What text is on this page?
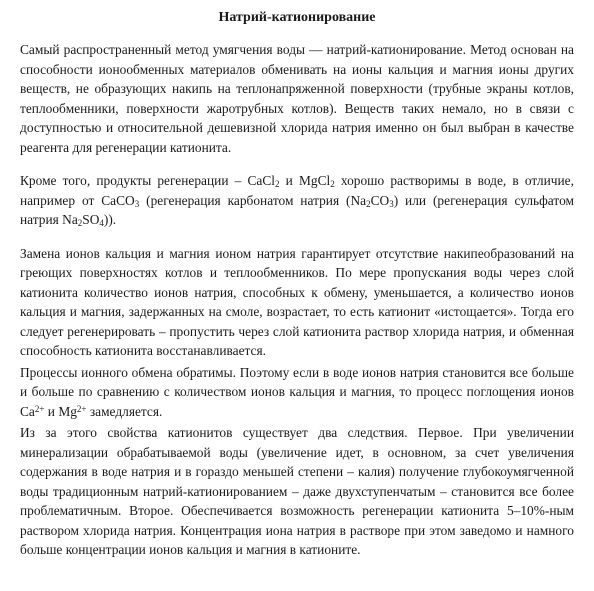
Натрий-катионирование

Самый распространенный метод умягчения воды — натрий-катионирование. Метод основан на способности ионообменных материалов обменивать на ионы кальция и магния ионы других веществ, не образующих накипь на теплонапряженной поверхности (трубные экраны котлов, теплообменники, поверхности жаротрубных котлов). Веществ таких немало, но в связи с доступностью и относительной дешевизной хлорида натрия именно он был выбран в качестве реагента для регенерации катионита.

Кроме того, продукты регенерации – CaCl$_2$ и MgCl$_2$ хорошо растворимы в воде, в отличие, например от CaCO$_3$ (регенерация карбонатом натрия $(Na_2CO_3)$ или (регенерация сульфатом натрия $Na_2SO_4$)).

Замена ионов кальция и магния ионом натрия гарантирует отсутствие накипеобразований на греющих поверхностях котлов и теплообменников. По мере пропускания воды через слой катионита количество ионов натрия, способных к обмену, уменьшается, а количество ионов кальция и магния, задержанных на смоле, возрастает, то есть катионит «истощается». Тогда его следует регенерировать – пропустить через слой катионита раствор хлорида натрия, и обменная способность катионита восстанавливается.

Процессы ионного обмена обратимы. Поэтому если в воде ионов натрия становится все больше и больше по сравнению с количеством ионов кальция и магния, то процесс поглощения ионов $Ca^{2+}$ и $Mg^{2+}$ замедляется.

Из за этого свойства катионитов существует два следствия. Первое. При увеличении минерализации обрабатываемой воды (увеличение идет, в основном, за счет увеличения содержания в воде натрия и в гораздо меньшей степени – калия) получение глубокоумягченной воды традиционным натрий-катионированием – даже двухступенчатым – становится все более проблематичным. Второе. Обеспечивается возможность регенерации катионита 5–10%-ным раствором хлорида натрия. Концентрация иона натрия в растворе при этом заведомо и намного больше концентрации ионов кальция и магния в катионите.
